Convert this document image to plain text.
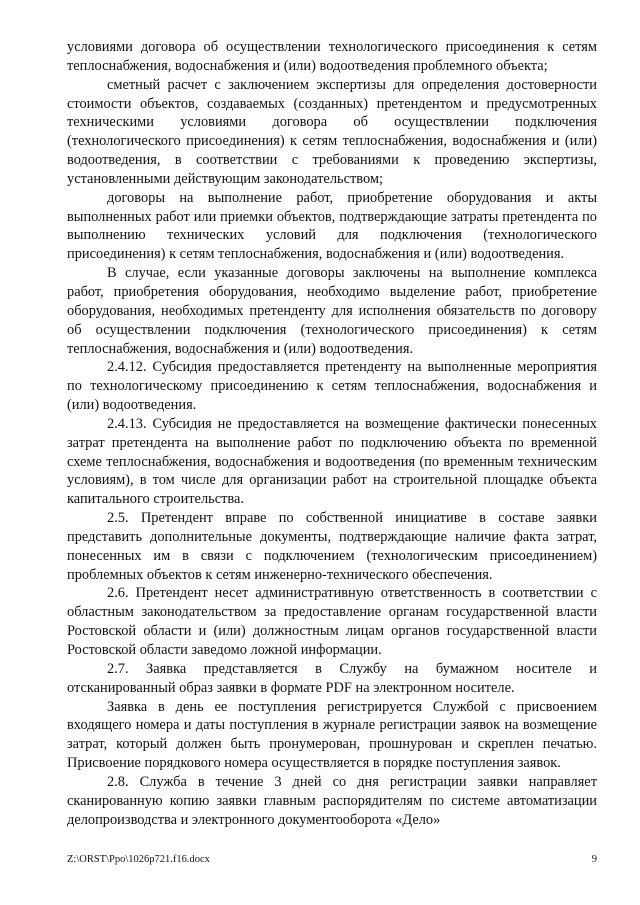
условиями договора об осуществлении технологического присоединения к сетям теплоснабжения, водоснабжения и (или) водоотведения проблемного объекта;

сметный расчет с заключением экспертизы для определения достоверности стоимости объектов, создаваемых (созданных) претендентом и предусмотренных техническими условиями договора об осуществлении подключения (технологического присоединения) к сетям теплоснабжения, водоснабжения и (или) водоотведения, в соответствии с требованиями к проведению экспертизы, установленными действующим законодательством;

договоры на выполнение работ, приобретение оборудования и акты выполненных работ или приемки объектов, подтверждающие затраты претендента по выполнению технических условий для подключения (технологического присоединения) к сетям теплоснабжения, водоснабжения и (или) водоотведения.

В случае, если указанные договоры заключены на выполнение комплекса работ, приобретения оборудования, необходимо выделение работ, приобретение оборудования, необходимых претенденту для исполнения обязательств по договору об осуществлении подключения (технологического присоединения) к сетям теплоснабжения, водоснабжения и (или) водоотведения.

2.4.12. Субсидия предоставляется претенденту на выполненные мероприятия по технологическому присоединению к сетям теплоснабжения, водоснабжения и (или) водоотведения.

2.4.13. Субсидия не предоставляется на возмещение фактически понесенных затрат претендента на выполнение работ по подключению объекта по временной схеме теплоснабжения, водоснабжения и водоотведения (по временным техническим условиям), в том числе для организации работ на строительной площадке объекта капитального строительства.

2.5. Претендент вправе по собственной инициативе в составе заявки представить дополнительные документы, подтверждающие наличие факта затрат, понесенных им в связи с подключением (технологическим присоединением) проблемных объектов к сетям инженерно-технического обеспечения.

2.6. Претендент несет административную ответственность в соответствии с областным законодательством за предоставление органам государственной власти Ростовской области и (или) должностным лицам органов государственной власти Ростовской области заведомо ложной информации.

2.7. Заявка представляется в Службу на бумажном носителе и отсканированный образ заявки в формате PDF на электронном носителе.

Заявка в день ее поступления регистрируется Службой с присвоением входящего номера и даты поступления в журнале регистрации заявок на возмещение затрат, который должен быть пронумерован, прошнурован и скреплен печатью. Присвоение порядкового номера осуществляется в порядке поступления заявок.

2.8. Служба в течение 3 дней со дня регистрации заявки направляет сканированную копию заявки главным распорядителям по системе автоматизации делопроизводства и электронного документооборота «Дело»

Z:\ORST\Ppo\1026p721.f16.docx	9
